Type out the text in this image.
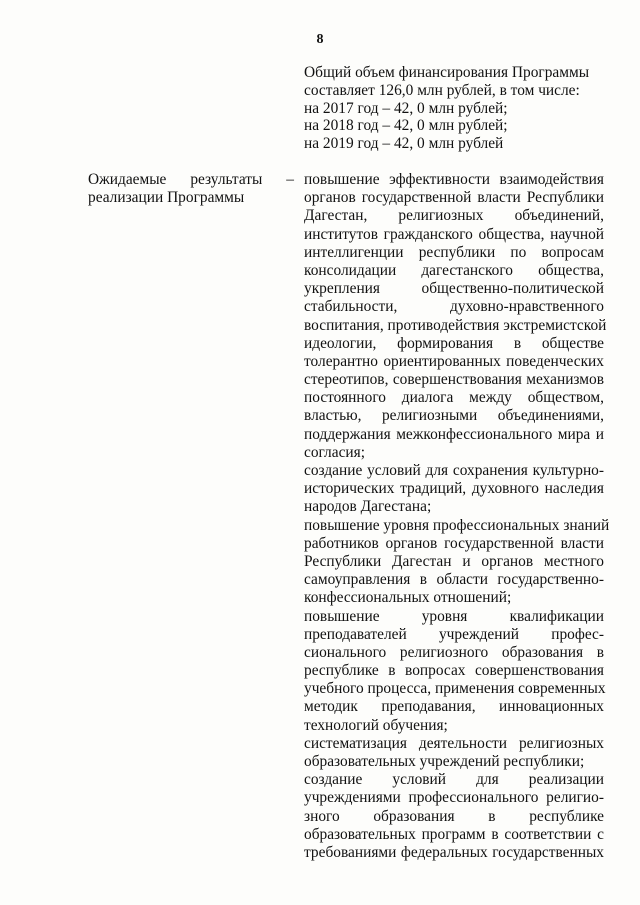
8
Общий объем финансирования Программы
составляет 126,0 млн рублей, в том числе:
на 2017 год – 42, 0 млн рублей;
на 2018 год – 42, 0 млн рублей;
на 2019 год – 42, 0 млн рублей
Ожидаемые результаты –
реализации Программы
повышение эффективности взаимодействия
органов государственной власти Республики
Дагестан, религиозных объединений,
институтов гражданского общества, научной
интеллигенции республики по вопросам
консолидации дагестанского общества,
укрепления общественно-политической
стабильности, духовно-нравственного
воспитания, противодействия экстремистской
идеологии, формирования в обществе
толерантно ориентированных поведенческих
стереотипов, совершенствования механизмов
постоянного диалога между обществом,
властью, религиозными объединениями,
поддержания межконфессионального мира и
согласия;
создание условий для сохранения культурно-
исторических традиций, духовного наследия
народов Дагестана;
повышение уровня профессиональных знаний
работников органов государственной власти
Республики Дагестан и органов местного
самоуправления в области государственно-
конфессиональных отношений;
повышение уровня квалификации
преподавателей учреждений профес-
сионального религиозного образования в
республике в вопросах совершенствования
учебного процесса, применения современных
методик преподавания, инновационных
технологий обучения;
систематизация деятельности религиозных
образовательных учреждений республики;
создание условий для реализации
учреждениями профессионального религио-
зного образования в республике
образовательных программ в соответствии с
требованиями федеральных государственных
